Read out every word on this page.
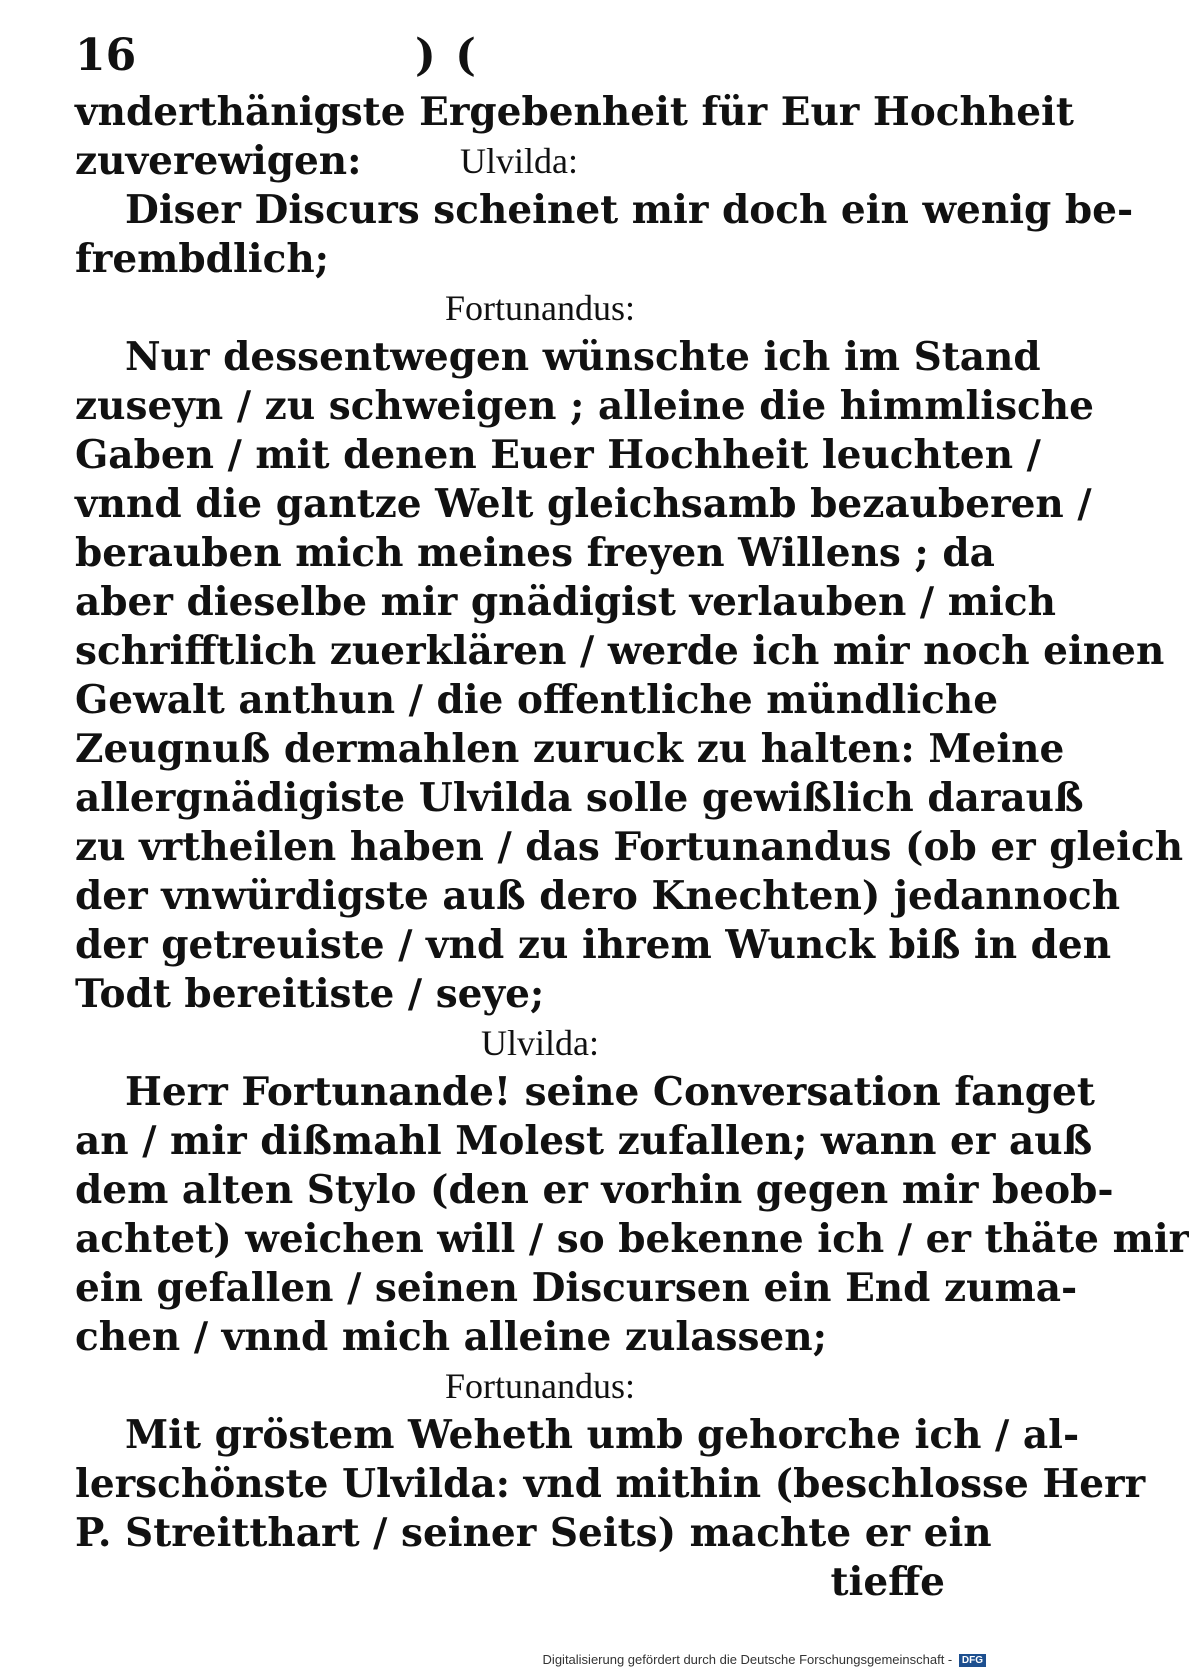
16	) (
vnderthänigste Ergebenheit für Eur Hochheit
zuverewigen:	Ulvilda:
Diser Discurs scheinet mir doch ein wenig be-
frembdlich;
Fortunandus:
Nur dessentwegen wünschte ich im Stand
zuseyn / zu schweigen ; alleine die himmlische
Gaben / mit denen Euer Hochheit leuchten /
vnnd die gantze Welt gleichsamb bezauberen /
berauben mich meines freyen Willens ; da
aber dieselbe mir gnädigist verlauben / mich
schrifftlich zuerklären / werde ich mir noch einen
Gewalt anthun / die offentliche mündliche
Zeugnuß dermahlen zuruck zu halten: Meine
allergnädigiste Ulvilda solle gewißlich darauß
zu vrtheilen haben / das Fortunandus (ob er gleich
der vnwürdigste auß dero Knechten) jedannoch
der getreuiste / vnd zu ihrem Wunck biß in den
Todt bereitiste / seye;
Ulvilda:
Herr Fortunande! seine Conversation fanget
an / mir dißmahl Molest zufallen; wann er auß
dem alten Stylo (den er vorhin gegen mir beob-
achtet) weichen will / so bekenne ich / er thäte mir
ein gefallen / seinen Discursen ein End zuma-
chen / vnnd mich alleine zulassen;
Fortunandus:
Mit gröstem Weheth umb gehorche ich / al-
lerschönste Ulvilda: vnd mithin (beschlosse Herr
P. Streitthart / seiner Seits) machte er ein
tieffe
Digitalisierung gefördert durch die Deutsche Forschungsgemeinschaft - DFG
